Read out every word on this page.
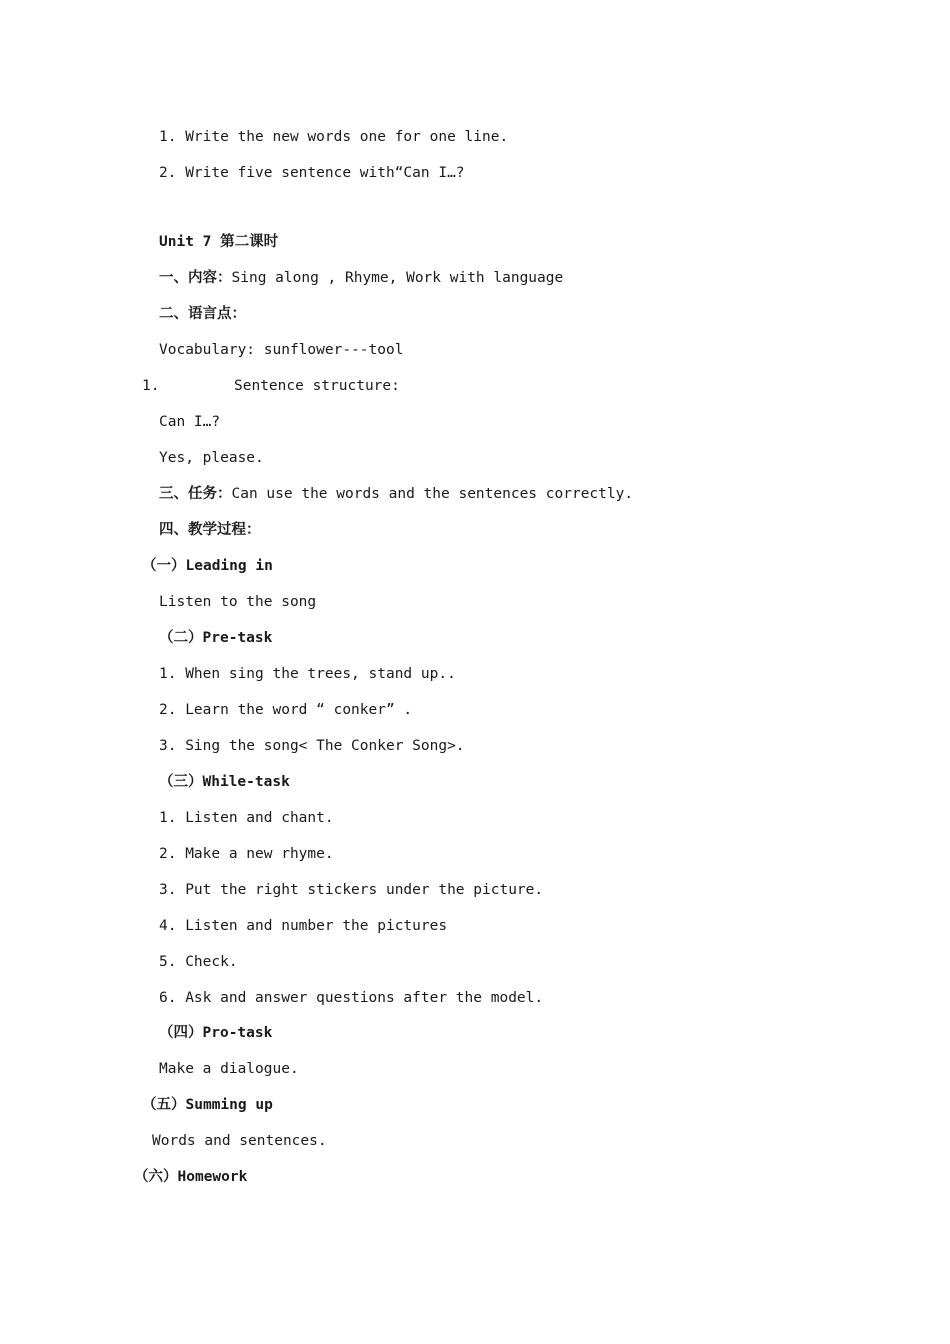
1. Write the new words one for one line.
2. Write five sentence with“Can I…?
Unit 7 第二课时
一、内容：Sing along , Rhyme, Work with language
二、语言点：
Vocabulary: sunflower---tool
1.	Sentence structure:
Can I…?
Yes, please.
三、任务：Can use the words and the sentences correctly.
四、教学过程：
（一）Leading in
Listen to the song
（二）Pre-task
1. When sing the trees, stand up..
2. Learn the word “ conker” .
3. Sing the song< The Conker Song>.
（三）While-task
1. Listen and chant.
2. Make a new rhyme.
3. Put the right stickers under the picture.
4. Listen and number the pictures
5. Check.
6. Ask and answer questions after the model.
（四）Pro-task
Make a dialogue.
（五）Summing up
Words and sentences.
（六）Homework
